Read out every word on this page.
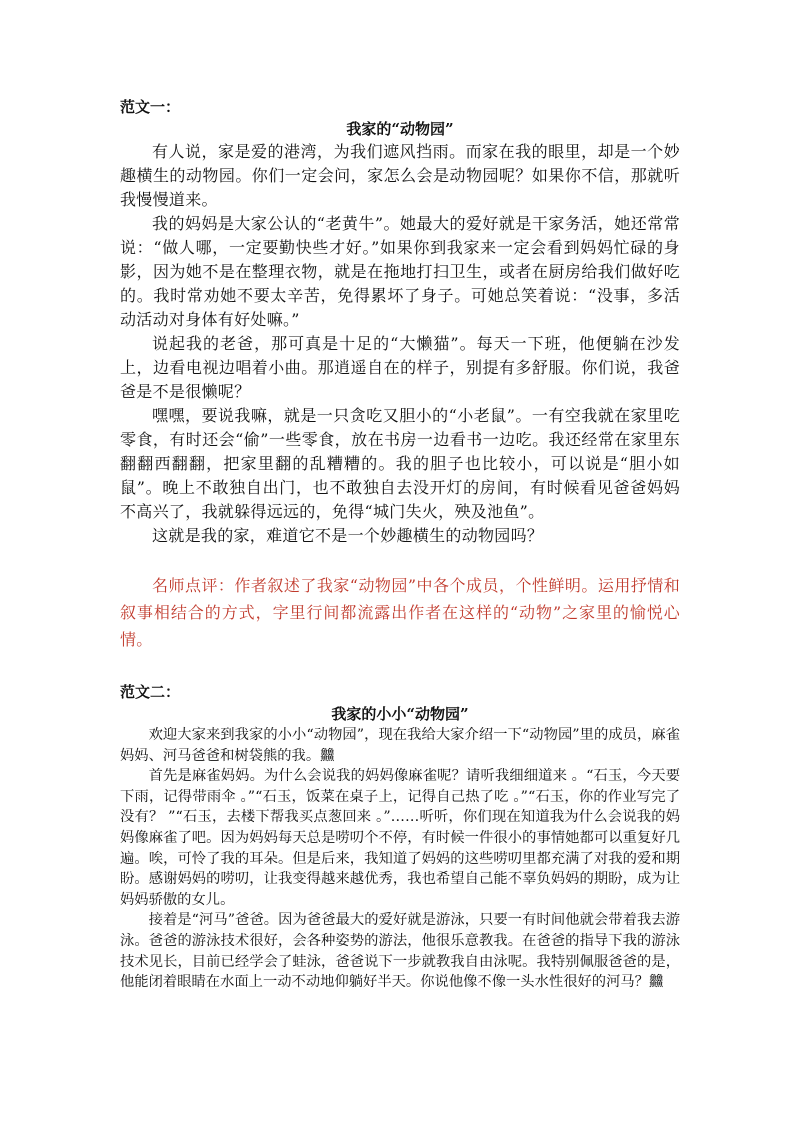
范文一：

我家的“动物园”

有人说，家是爱的港湾，为我们遮风挡雨。而家在我的眼里，却是一个妙趣横生的动物园。你们一定会问，家怎么会是动物园呢？如果你不信，那就听我慢慢道来。

我的妈妈是大家公认的“老黄牛”。她最大的爱好就是干家务活，她还常常说：“做人哪，一定要勤快些才好。”如果你到我家来一定会看到妈妈忙碌的身影，因为她不是在整理衣物，就是在拖地打扫卫生，或者在厨房给我们做好吃的。我时常劝她不要太辛苦，免得累坏了身子。可她总笑着说：“没事，多活动活动对身体有好处嘛。”

说起我的老爸，那可真是十足的“大懒猫”。每天一下班，他便躺在沙发上，边看电视边唱着小曲。那逍遥自在的样子，别提有多舒服。你们说，我爸爸是不是很懒呢？

嘿嘿，要说我嘛，就是一只贪吃又胆小的“小老鼠”。一有空我就在家里吃零食，有时还会“偷”一些零食，放在书房一边看书一边吃。我还经常在家里东翻翻西翻翻，把家里翻的乱糟糟的。我的胆子也比较小，可以说是“胆小如鼠”。晚上不敢独自出门，也不敢独自去没开灯的房间，有时候看见爸爸妈妈不高兴了，我就躲得远远的，免得“城门失火，殃及池鱼”。

这就是我的家，难道它不是一个妙趣横生的动物园吗？

名师点评：作者叙述了我家“动物园”中各个成员，个性鲜明。运用抒情和叙事相结合的方式，字里行间都流露出作者在这样的“动物”之家里的愉悦心情。

范文二：

我家的小小“动物园”

欢迎大家来到我家的小小“动物园”，现在我给大家介绍一下“动物园”里的成员，麻雀妈妈、河马爸爸和树袋熊的我。䲜

首先是麻雀妈妈。为什么会说我的妈妈像麻雀呢？请听我细细道来 。“石玉，今天要下雨，记得带雨伞 。”“石玉，饭菜在桌子上，记得自己热了吃 。”“石玉，你的作业写完了没有？ ”“石玉，去楼下帮我买点葱回来 。”……听听，你们现在知道我为什么会说我的妈妈像麻雀了吧。因为妈妈每天总是唠叨个不停，有时候一件很小的事情她都可以重复好几遍。唉，可怜了我的耳朵。但是后来，我知道了妈妈的这些唠叨里都充满了对我的爱和期盼。感谢妈妈的唠叨，让我变得越来越优秀，我也希望自己能不辜负妈妈的期盼，成为让妈妈骄傲的女儿。

接着是“河马”爸爸。因为爸爸最大的爱好就是游泳，只要一有时间他就会带着我去游泳。爸爸的游泳技术很好，会各种姿势的游法，他很乐意教我。在爸爸的指导下我的游泳技术见长，目前已经学会了蛙泳，爸爸说下一步就教我自由泳呢。我特别佩服爸爸的是，他能闭着眼睛在水面上一动不动地仰躺好半天。你说他像不像一头水性很好的河马？䲜
